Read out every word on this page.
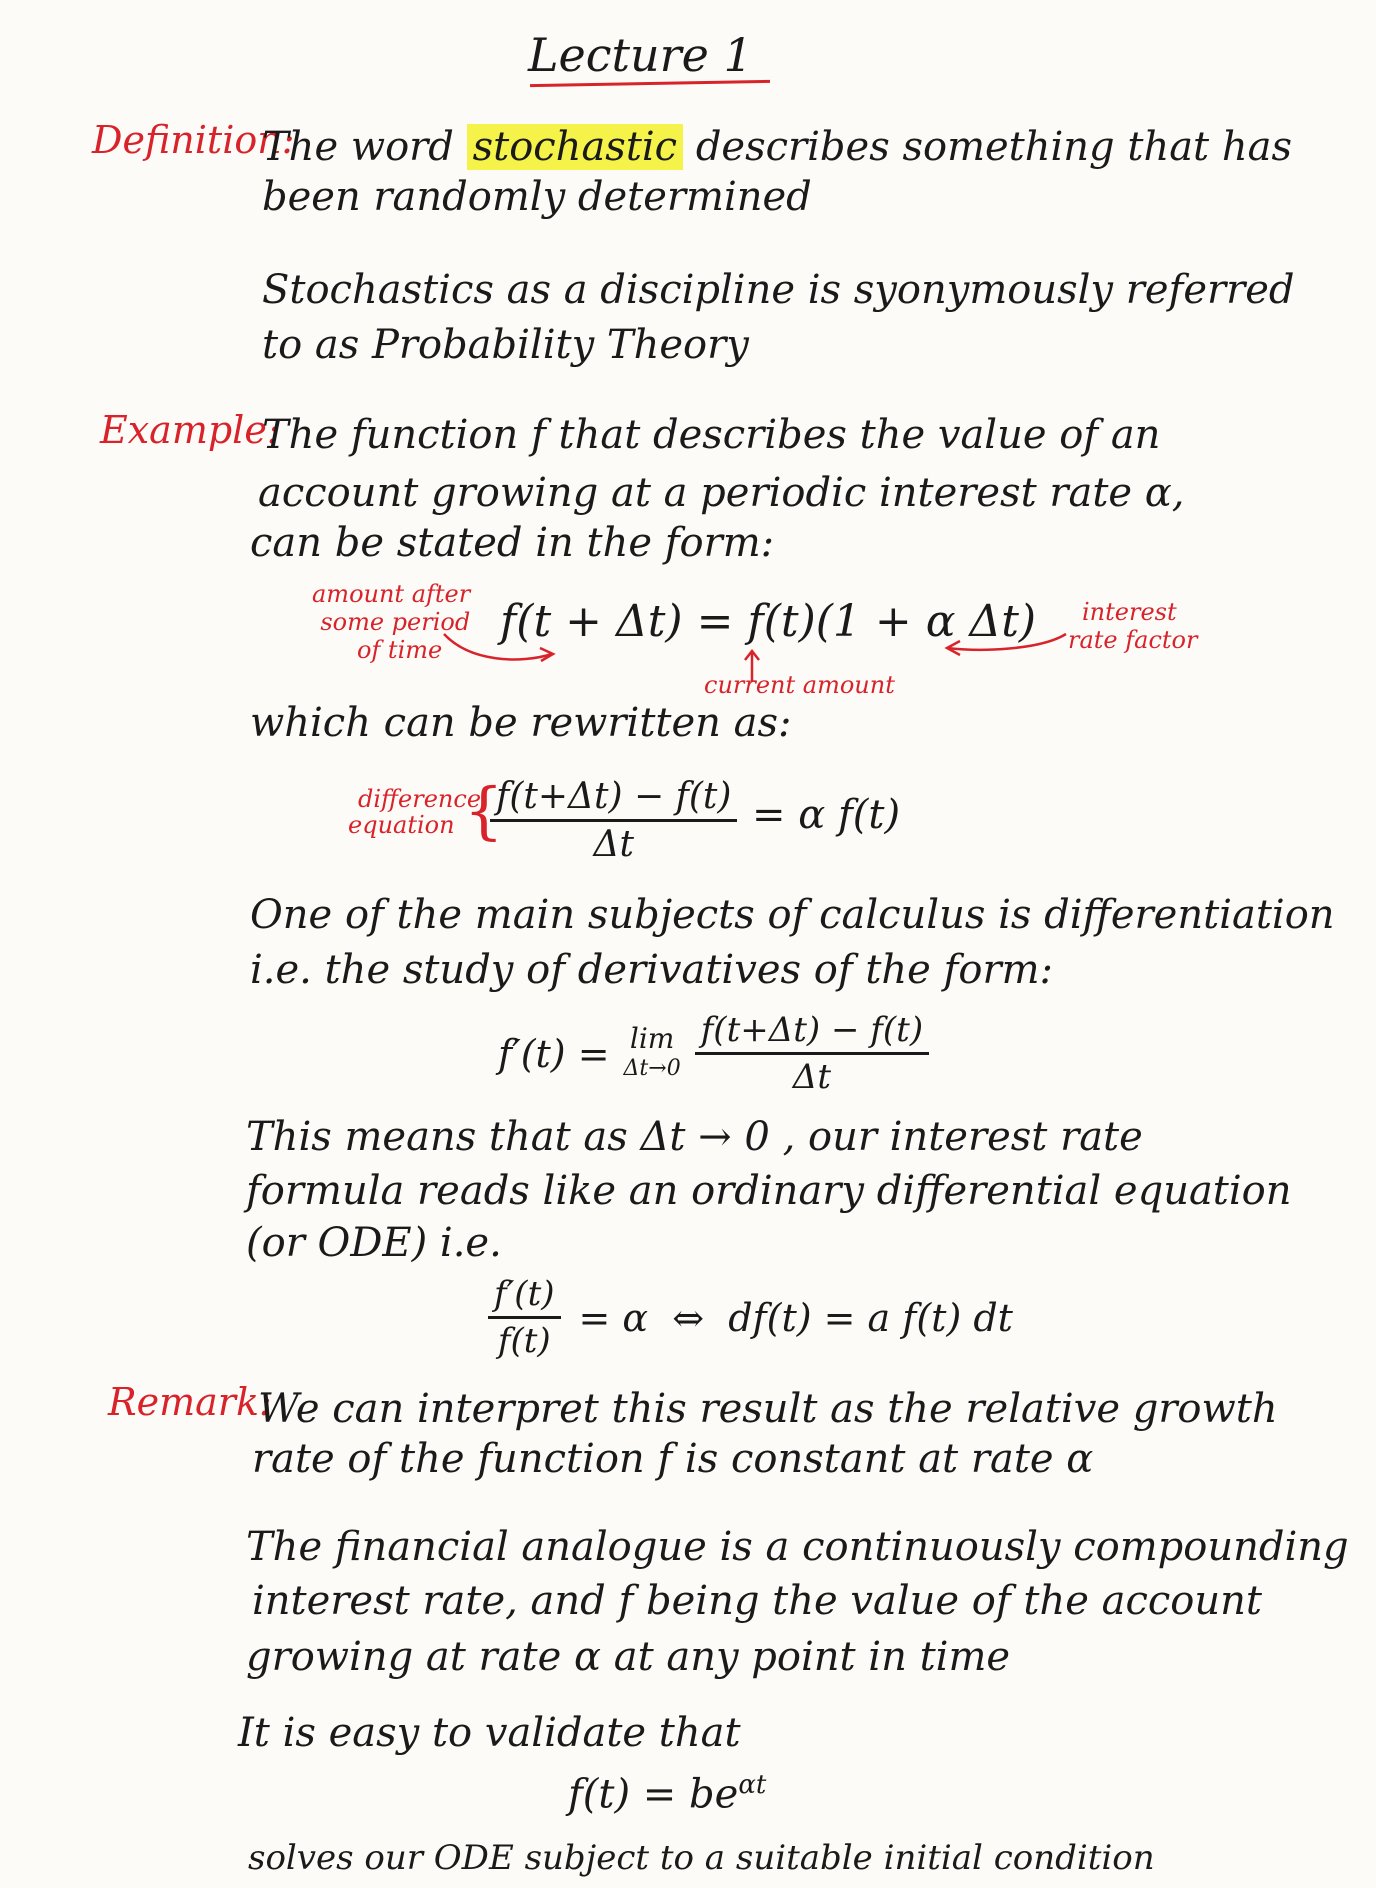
Lecture 1
Definition:
The word stochastic describes something that has
been randomly determined
Stochastics as a discipline is syonymously referred
to as Probability Theory
Example:
The function f that describes the value of an
account growing at a periodic interest rate α,
can be stated in the form:
amount after
some period
of time
f(t + Δt) = f(t)(1 + α Δt)	interest
rate factor
current amount
which can be rewritten as:
difference
equation {
$\frac{f(t+\Delta t) - f(t)}{\Delta t} = \alpha$ f(t)
One of the main subjects of calculus is differentiation
i.e. the study of derivatives of the form:
f′(t) = lim
$\Delta t\to 0 \frac{f(t+\Delta t) - f(t)}{\Delta t}$
This means that as Δt → 0 , our interest rate
formula reads like an ordinary differential equation
(or ODE) i.e.
$\frac{f'(t)}{f(t)} = \alpha$  ⇔  df(t) = a f(t) dt
Remark:
We can interpret this result as the relative growth
rate of the function f is constant at rate α
The financial analogue is a continuously compounding
interest rate, and f being the value of the account
growing at rate α at any point in time
It is easy to validate that
$f(t) = be^{\alpha t}$
solves our ODE subject to a suitable initial condition
